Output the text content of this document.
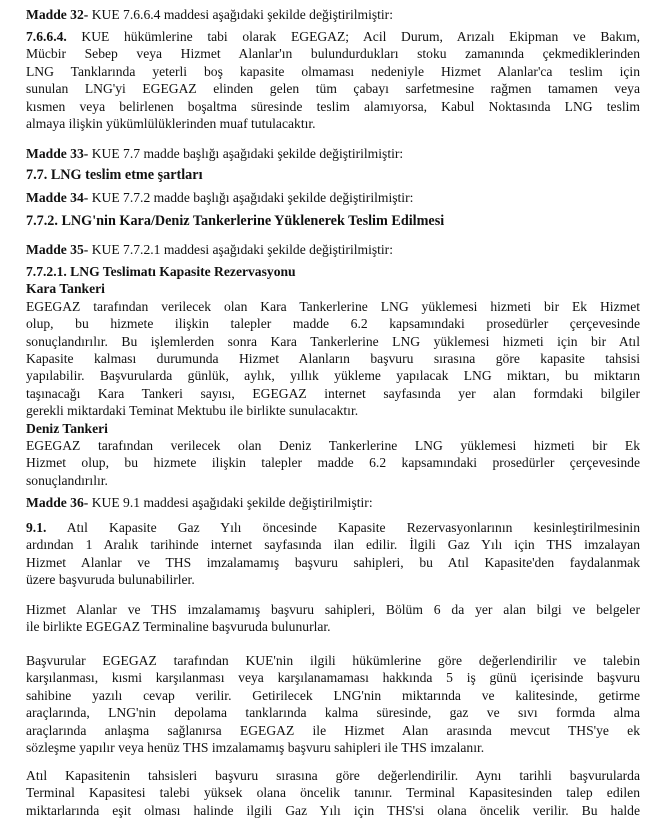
Madde 32- KUE 7.6.6.4 maddesi aşağıdaki şekilde değiştirilmiştir:

7.6.6.4. KUE hükümlerine tabi olarak EGEGAZ; Acil Durum, Arızalı Ekipman ve Bakım,
Mücbir Sebep veya Hizmet Alanlar'ın bulundurdukları stoku zamanında çekmediklerinden
LNG Tanklarında yeterli boş kapasite olmaması nedeniyle Hizmet Alanlar'ca teslim için
sunulan LNG'yi EGEGAZ elinden gelen tüm çabayı sarfetmesine rağmen tamamen veya
kısmen veya belirlenen boşaltma süresinde teslim alamıyorsa, Kabul Noktasında LNG teslim
almaya ilişkin yükümlülüklerinden muaf tutulacaktır.

Madde 33- KUE 7.7 madde başlığı aşağıdaki şekilde değiştirilmiştir:

7.7. LNG teslim etme şartları

Madde 34- KUE 7.7.2 madde başlığı aşağıdaki şekilde değiştirilmiştir:

7.7.2. LNG'nin Kara/Deniz Tankerlerine Yüklenerek Teslim Edilmesi

Madde 35- KUE 7.7.2.1 maddesi aşağıdaki şekilde değiştirilmiştir:

7.7.2.1. LNG Teslimatı Kapasite Rezervasyonu
Kara Tankeri
EGEGAZ tarafından verilecek olan Kara Tankerlerine LNG yüklemesi hizmeti bir Ek Hizmet
olup, bu hizmete ilişkin talepler madde 6.2 kapsamındaki prosedürler çerçevesinde
sonuçlandırılır. Bu işlemlerden sonra Kara Tankerlerine LNG yüklemesi hizmeti için bir Atıl
Kapasite kalması durumunda Hizmet Alanların başvuru sırasına göre kapasite tahsisi
yapılabilir. Başvurularda günlük, aylık, yıllık yükleme yapılacak LNG miktarı, bu miktarın
taşınacağı Kara Tankeri sayısı, EGEGAZ internet sayfasında yer alan formdaki bilgiler
gerekli miktardaki Teminat Mektubu ile birlikte sunulacaktır.
Deniz Tankeri
EGEGAZ tarafından verilecek olan Deniz Tankerlerine LNG yüklemesi hizmeti bir Ek
Hizmet olup, bu hizmete ilişkin talepler madde 6.2 kapsamındaki prosedürler çerçevesinde
sonuçlandırılır.

Madde 36- KUE 9.1 maddesi aşağıdaki şekilde değiştirilmiştir:

9.1. Atıl Kapasite Gaz Yılı öncesinde Kapasite Rezervasyonlarının kesinleştirilmesinin
ardından 1 Aralık tarihinde internet sayfasında ilan edilir. İlgili Gaz Yılı için THS imzalayan
Hizmet Alanlar ve THS imzalamamış başvuru sahipleri, bu Atıl Kapasite'den faydalanmak
üzere başvuruda bulunabilirler.

Hizmet Alanlar ve THS imzalamamış başvuru sahipleri, Bölüm 6 da yer alan bilgi ve belgeler
ile birlikte EGEGAZ Terminaline başvuruda bulunurlar.

Başvurular EGEGAZ tarafından KUE'nin ilgili hükümlerine göre değerlendirilir ve talebin
karşılanması, kısmi karşılanması veya karşılanamaması hakkında 5 iş günü içerisinde başvuru
sahibine yazılı cevap verilir. Getirilecek LNG'nin miktarında ve kalitesinde, getirme
araçlarında, LNG'nin depolama tanklarında kalma süresinde, gaz ve sıvı formda alma
araçlarında anlaşma sağlanırsa EGEGAZ ile Hizmet Alan arasında mevcut THS'ye ek
sözleşme yapılır veya henüz THS imzalamamış başvuru sahipleri ile THS imzalanır.

Atıl Kapasitenin tahsisleri başvuru sırasına göre değerlendirilir. Aynı tarihli başvurularda
Terminal Kapasitesi talebi yüksek olana öncelik tanınır. Terminal Kapasitesinden talep edilen
miktarlarında eşit olması halinde ilgili Gaz Yılı için THS'si olana öncelik verilir. Bu halde
